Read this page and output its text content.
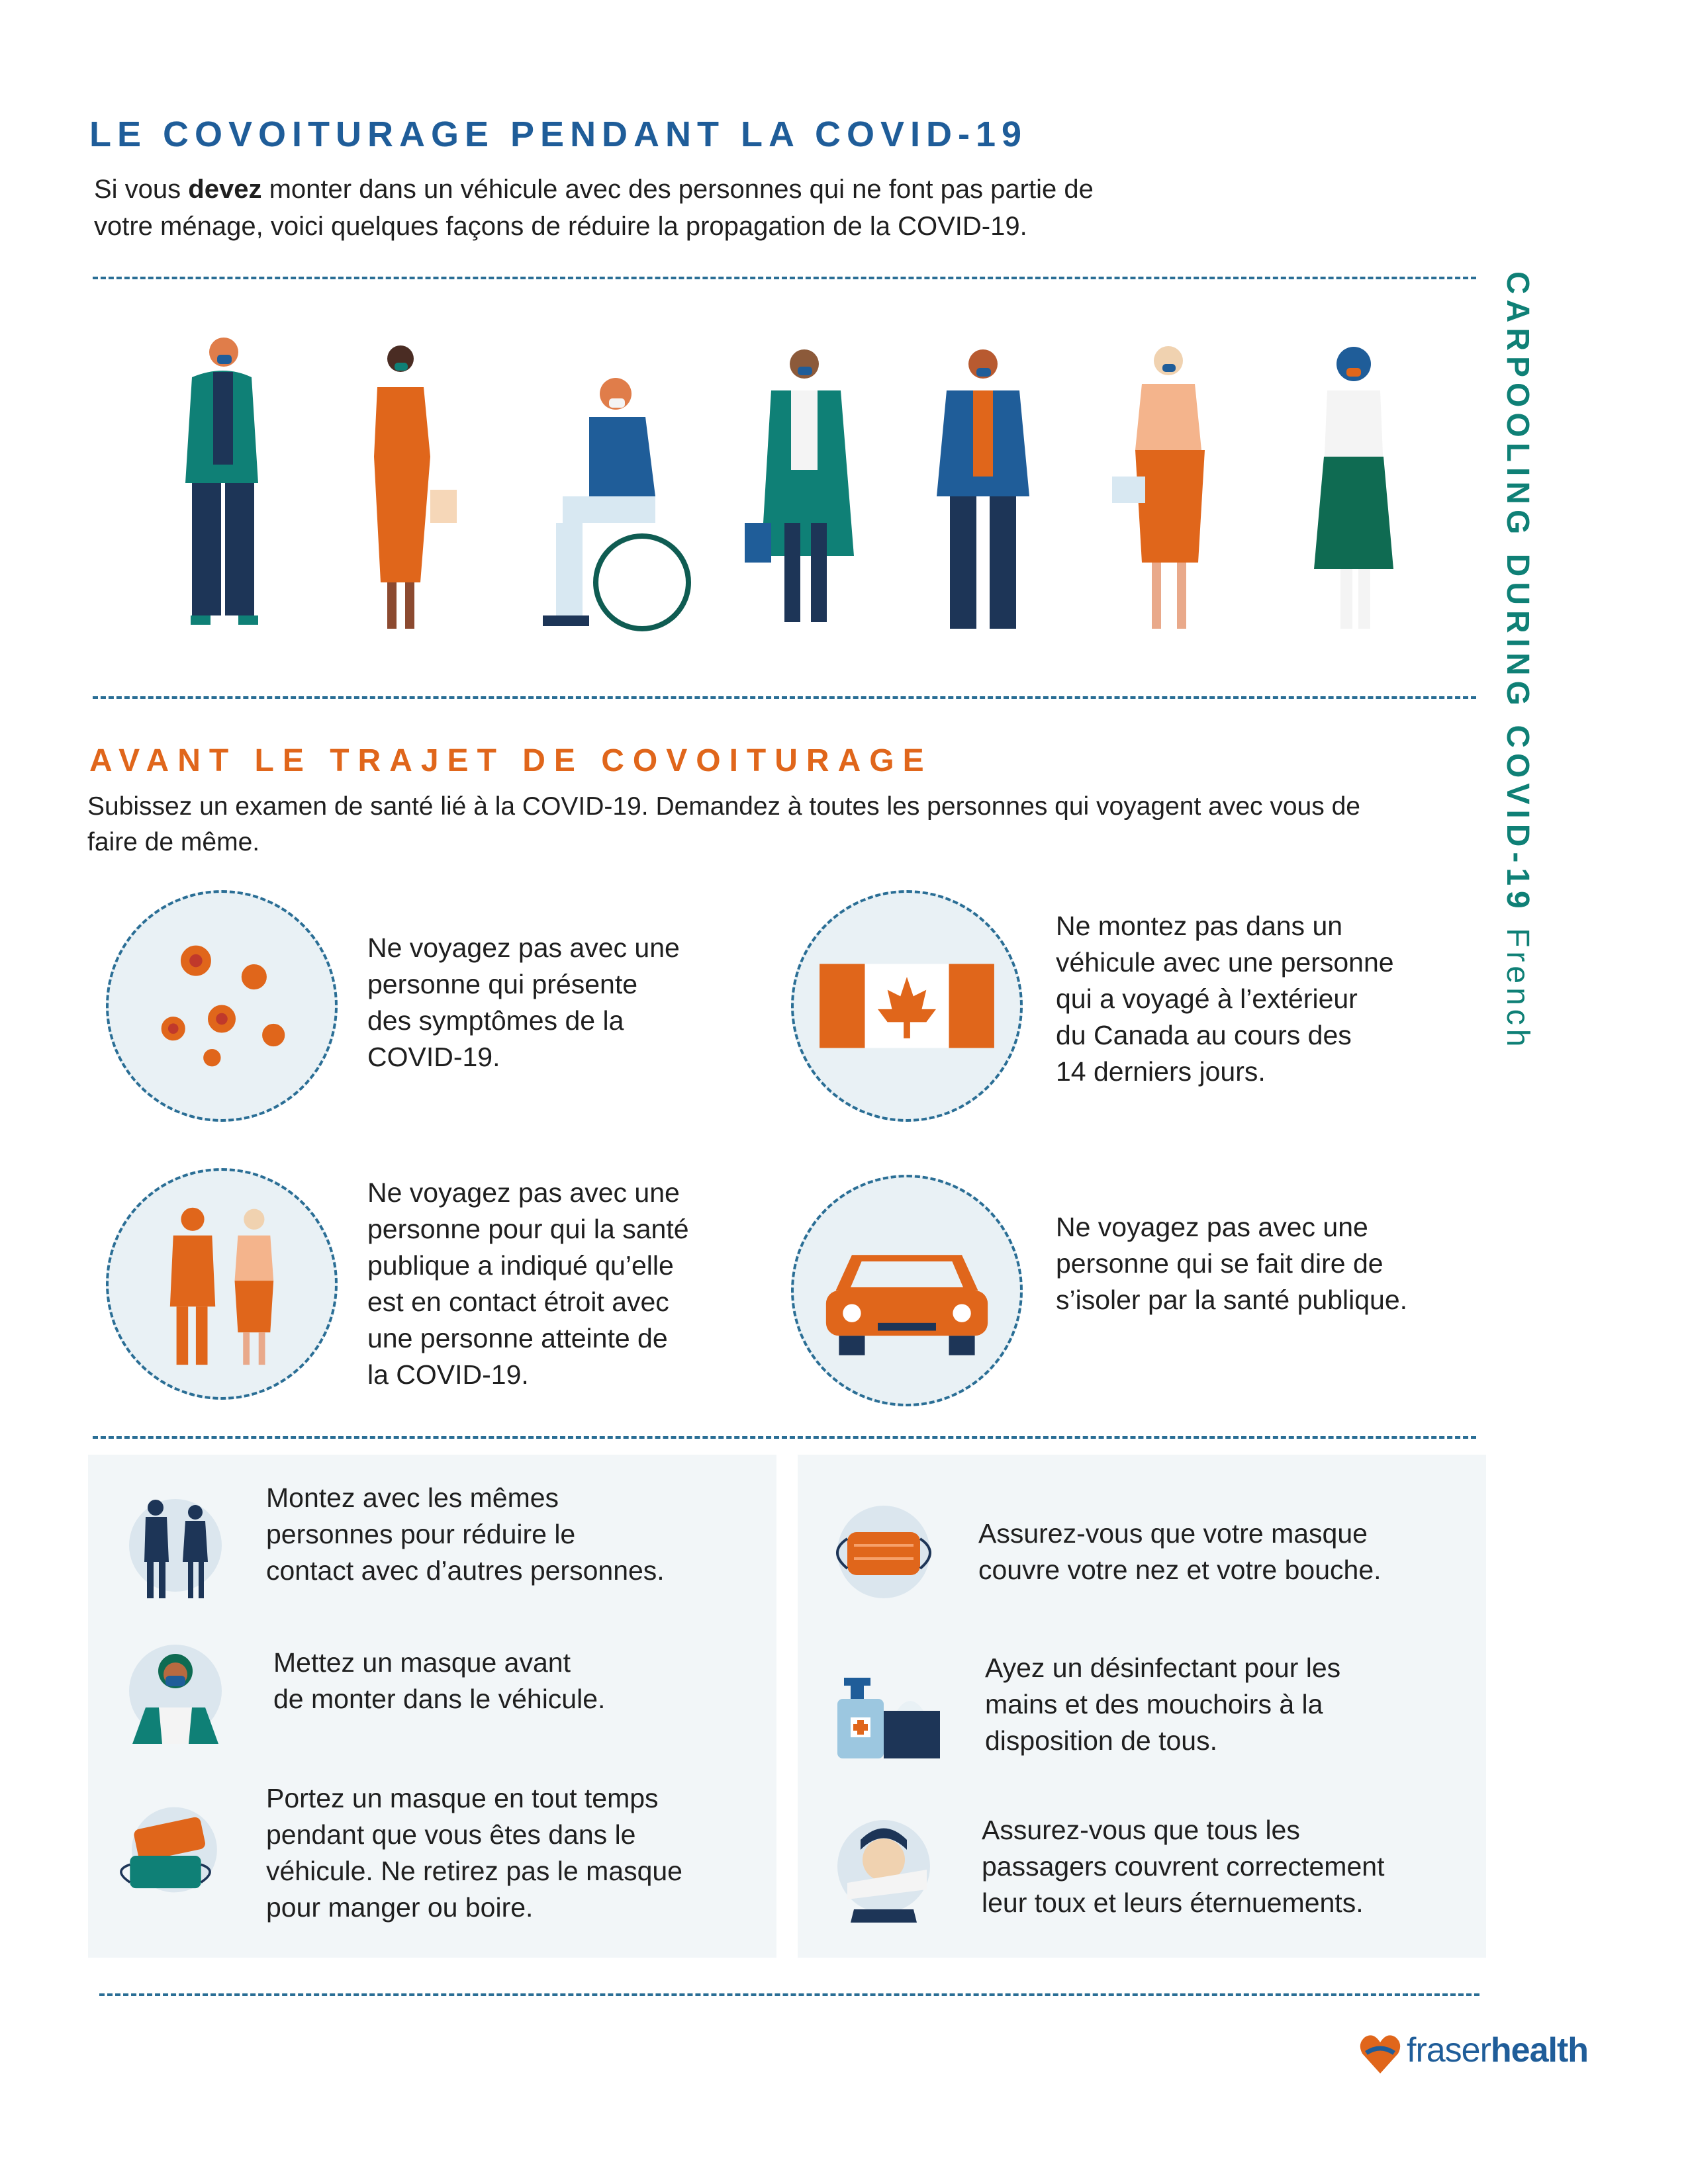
LE COVOITURAGE PENDANT LA COVID-19
Si vous devez monter dans un véhicule avec des personnes qui ne font pas partie de
votre ménage, voici quelques façons de réduire la propagation de la COVID-19.
CARPOOLING DURING COVID-19 French
AVANT LE TRAJET DE COVOITURAGE
Subissez un examen de santé lié à la COVID-19. Demandez à toutes les personnes qui voyagent avec vous de
faire de même.
Ne voyagez pas avec une
personne qui présente
des symptômes de la
COVID-19.
Ne montez pas dans un
véhicule avec une personne
qui a voyagé à l’extérieur
du Canada au cours des
14 derniers jours.
Ne voyagez pas avec une
personne pour qui la santé
publique a indiqué qu’elle
est en contact étroit avec
une personne atteinte de
la COVID-19.
Ne voyagez pas avec une
personne qui se fait dire de
s’isoler par la santé publique.
Montez avec les mêmes
personnes pour réduire le
contact avec d’autres personnes.
Mettez un masque avant
de monter dans le véhicule.
Portez un masque en tout temps
pendant que vous êtes dans le
véhicule. Ne retirez pas le masque
pour manger ou boire.
Assurez-vous que votre masque
couvre votre nez et votre bouche.
Ayez un désinfectant pour les
mains et des mouchoirs à la
disposition de tous.
Assurez-vous que tous les
passagers couvrent correctement
leur toux et leurs éternuements.
fraserhealth
